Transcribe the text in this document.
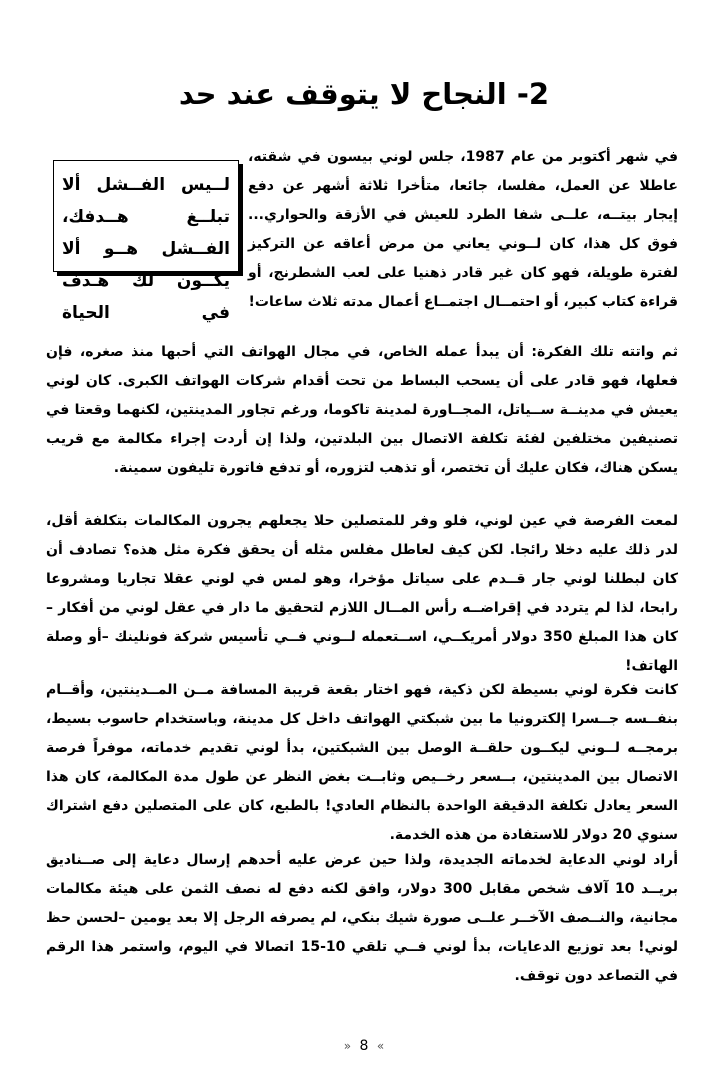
2- النجاح لا يتوقف عند حد
لــيس الفــشل ألا تبلــغ هــدفك، الفــشل هــو ألا يكــون لك هـدف في الحياة

في شهر أكتوبر من عام 1987، جلس لوني بيسون في شقته، عاطلا عن العمل، مفلسا، جائعا، متأخرا ثلاثة أشهر عن دفع إيجار بيتــه، علــى شفا الطرد للعيش في الأزقة والحواري... فوق كل هذا، كان لــوني يعاني من مرض أعاقه عن التركيز لفترة طويلة، فهو كان غير قادر ذهنيا على لعب الشطرنج، أو قراءة كتاب كبير، أو احتمــال اجتمــاع أعمال مدته ثلاث ساعات!

ثم واتته تلك الفكرة: أن يبدأ عمله الخاص، في مجال الهواتف التي أحبها منذ صغره، فإن فعلها، فهو قادر على أن يسحب البساط من تحت أقدام شركات الهواتف الكبرى. كان لوني يعيش في مدينــة ســياتل، المجــاورة لمدينة تاكوما، ورغم تجاور المدينتين، لكنهما وقعتا في تصنيفين مختلفين لفئة تكلفة الاتصال بين البلدتين، ولذا إن أردت إجراء مكالمة مع قريب يسكن هناك، فكان عليك أن تختصر، أو تذهب لتزوره، أو تدفع فاتورة تليفون سمينة.

لمعت الفرصة في عين لوني، فلو وفر للمتصلين حلا يجعلهم يجرون المكالمات بتكلفة أقل، لدر ذلك عليه دخلا رائجا. لكن كيف لعاطل مفلس مثله أن يحقق فكرة مثل هذه؟ تصادف أن كان لبطلنا لوني جار قــدم على سياتل مؤخرا، وهو لمس في لوني عقلا تجاريا ومشروعا رابحا، لذا لم يتردد في إقراضــه رأس المــال اللازم لتحقيق ما دار في عقل لوني من أفكار –كان هذا المبلغ 350 دولار أمريكــي، اســتعمله لــوني فــي تأسيس شركة فونلينك –أو وصلة الهاتف!

كانت فكرة لوني بسيطة لكن ذكية، فهو اختار بقعة قريبة المسافة مــن المــدينتين، وأقــام بنفــسه جــسرا إلكترونيا ما بين شبكتي الهواتف داخل كل مدينة، وباستخدام حاسوب بسيط، برمجــه لــوني ليكــون حلقــة الوصل بين الشبكتين، بدأ لوني تقديم خدماته، موفراً فرصة الاتصال بين المدينتين، بــسعر رخــيص وثابــت بغض النظر عن طول مدة المكالمة، كان هذا السعر يعادل تكلفة الدقيقة الواحدة بالنظام العادي! بالطبع، كان على المتصلين دفع اشتراك سنوي 20 دولار للاستفادة من هذه الخدمة.

أراد لوني الدعاية لخدماته الجديدة، ولذا حين عرض عليه أحدهم إرسال دعاية إلى صــناديق بريــد 10 آلاف شخص مقابل 300 دولار، وافق لكنه دفع له نصف الثمن على هيئة مكالمات مجانية، والنــصف الآخــر علــى صورة شيك بنكي، لم يصرفه الرجل إلا بعد يومين –لحسن حظ لوني! بعد توزيع الدعايات، بدأ لوني فــي تلقي 10-15 اتصالا في اليوم، واستمر هذا الرقم في التصاعد دون توقف.

» 8 «
